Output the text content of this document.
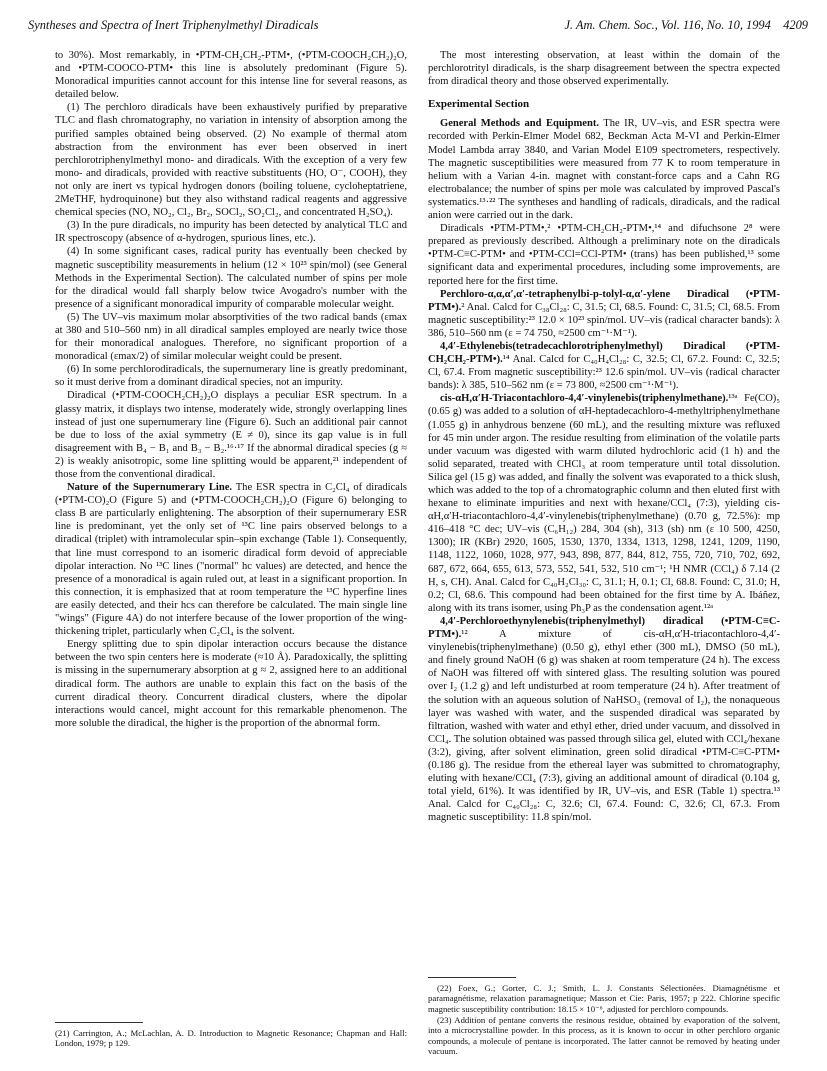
Syntheses and Spectra of Inert Triphenylmethyl Diradicals	J. Am. Chem. Soc., Vol. 116, No. 10, 1994 4209

to 30%). Most remarkably, in •PTM-CH₂CH₂-PTM•, (•PTM-COOCH₂CH₂)₂O, and •PTM-COOCO-PTM• this line is absolutely predominant (Figure 5). Monoradical impurities cannot account for this intense line for several reasons, as detailed below.

(1) The perchloro diradicals have been exhaustively purified by preparative TLC and flash chromatography, no variation in intensity of absorption among the purified samples obtained being observed. (2) No example of thermal atom abstraction from the environment has ever been observed in inert perchlorotriphenylmethyl mono- and diradicals. With the exception of a very few mono- and diradicals, provided with reactive substituents (HO, O⁻, COOH), they not only are inert vs typical hydrogen donors (boiling toluene, cycloheptatriene, 2MeTHF, hydroquinone) but they also withstand radical reagents and aggressive chemical species (NO, NO₂, Cl₂, Br₂, SOCl₂, SO₂Cl₂, and concentrated H₂SO₄).

(3) In the pure diradicals, no impurity has been detected by analytical TLC and IR spectroscopy (absence of α-hydrogen, spurious lines, etc.).

(4) In some significant cases, radical purity has eventually been checked by magnetic susceptibility measurements in helium (12 × 10²³ spin/mol) (see General Methods in the Experimental Section). The calculated number of spins per mole for the diradical would fall sharply below twice Avogadro's number with the presence of a significant monoradical impurity of comparable molecular weight.

(5) The UV–vis maximum molar absorptivities of the two radical bands (εmax at 380 and 510–560 nm) in all diradical samples employed are nearly twice those for their monoradical analogues. Therefore, no significant proportion of a monoradical (εmax/2) of similar molecular weight could be present.

(6) In some perchlorodiradicals, the supernumerary line is greatly predominant, so it must derive from a dominant diradical species, not an impurity.

Diradical (•PTM-COOCH₂CH₂)₂O displays a peculiar ESR spectrum. In a glassy matrix, it displays two intense, moderately wide, strongly overlapping lines instead of just one supernumerary line (Figure 6). Such an additional pair cannot be due to loss of the axial symmetry (E ≠ 0), since its gap value is in full disagreement with B₄ − B₁ and B₃ − B₂.¹⁶·¹⁷ If the abnormal diradical species (g ≈ 2) is weakly anisotropic, some line splitting would be apparent,²¹ independent of those from the conventional diradical.

Nature of the Supernumerary Line. The ESR spectra in C₂Cl₄ of diradicals (•PTM-CO)₂O (Figure 5) and (•PTM-COOCH₂CH₂)₂O (Figure 6) belonging to class B are particularly enlightening. The absorption of their supernumerary ESR line is predominant, yet the only set of ¹³C line pairs observed belongs to a diradical (triplet) with intramolecular spin–spin exchange (Table 1). Consequently, that line must correspond to an isomeric diradical form devoid of appreciable dipolar interaction. No ¹³C lines ("normal" hc values) are detected, and hence the presence of a monoradical is again ruled out, at least in a significant proportion. In this connection, it is emphasized that at room temperature the ¹³C hyperfine lines are easily detected, and their hcs can therefore be calculated. The main single line "wings" (Figure 4A) do not interfere because of the lower proportion of the wing-thickening triplet, particularly when C₂Cl₄ is the solvent.

Energy splitting due to spin dipolar interaction occurs because the distance between the two spin centers here is moderate (≈10 Å). Paradoxically, the splitting is missing in the supernumerary absorption at g ≈ 2, assigned here to an additional diradical form. The authors are unable to explain this fact on the basis of the current diradical theory. Concurrent diradical clusters, where the dipolar interactions would cancel, might account for this remarkable phenomenon. The more soluble the diradical, the higher is the proportion of the abnormal form.

(21) Carrington, A.; McLachlan, A. D. Introduction to Magnetic Resonance; Chapman and Hall: London, 1979; p 129.

The most interesting observation, at least within the domain of the perchlorotrityl diradicals, is the sharp disagreement between the spectra expected from diradical theory and those observed experimentally.

Experimental Section

General Methods and Equipment. The IR, UV–vis, and ESR spectra were recorded with Perkin-Elmer Model 682, Beckman Acta M-VI and Perkin-Elmer Model Lambda array 3840, and Varian Model E109 spectrometers, respectively. The magnetic susceptibilities were measured from 77 K to room temperature in helium with a Varian 4-in. magnet with constant-force caps and a Cahn RG electrobalance; the number of spins per mole was calculated by improved Pascal's systematics.¹³·²² The syntheses and handling of radicals, diradicals, and the radical anion were carried out in the dark.

Diradicals •PTM-PTM•,² •PTM-CH₂CH₂-PTM•,¹⁴ and difuchsone 2⁸ were prepared as previously described. Although a preliminary note on the diradicals •PTM-C≡C-PTM• and •PTM-CCl=CCl-PTM• (trans) has been published,¹³ some significant data and experimental procedures, including some improvements, are reported here for the first time.

Perchloro-α,α,α′,α′-tetraphenylbi-p-tolyl-α,α′-ylene Diradical (•PTM-PTM•).² Anal. Calcd for C₃₈Cl₂₈: C, 31.5; Cl, 68.5. Found: C, 31.5; Cl, 68.5. From magnetic susceptibility:²³ 12.0 × 10²³ spin/mol. UV–vis (radical character bands): λ 386, 510–560 nm (ε = 74 750, ≈2500 cm⁻¹·M⁻¹).

4,4′-Ethylenebis(tetradecachlorotriphenylmethyl) Diradical (•PTM-CH₂CH₂-PTM•).¹⁴ Anal. Calcd for C₄₀H₄Cl₂₈: C, 32.5; Cl, 67.2. Found: C, 32.5; Cl, 67.4. From magnetic susceptibility:²³ 12.6 spin/mol. UV–vis (radical character bands): λ 385, 510–562 nm (ε = 73 800, ≈2500 cm⁻¹·M⁻¹).

cis-αH,α′H-Triacontachloro-4,4′-vinylenebis(triphenylmethane).¹³ᵃ Fe(CO)₅ (0.65 g) was added to a solution of αH-heptadecachloro-4-methyltriphenylmethane (1.055 g) in anhydrous benzene (60 mL), and the resulting mixture was refluxed for 45 min under argon. The residue resulting from elimination of the volatile parts under vacuum was digested with warm diluted hydrochloric acid (1 h) and the solid separated, treated with CHCl₃ at room temperature until total dissolution. Silica gel (15 g) was added, and finally the solvent was evaporated to a thick slush, which was added to the top of a chromatographic column and then eluted first with hexane to eliminate impurities and next with hexane/CCl₄ (7:3), yielding cis-αH,α′H-triacontachloro-4,4′-vinylenebis(triphenylmethane) (0.70 g, 72.5%): mp 416–418 °C dec; UV–vis (C₆H₁₂) 284, 304 (sh), 313 (sh) nm (ε 10 500, 4250, 1300); IR (KBr) 2920, 1605, 1530, 1370, 1334, 1313, 1298, 1241, 1209, 1190, 1148, 1122, 1060, 1028, 977, 943, 898, 877, 844, 812, 755, 720, 710, 702, 692, 687, 672, 664, 655, 613, 573, 552, 541, 532, 510 cm⁻¹; ¹H NMR (CCl₄) δ 7.14 (2 H, s, CH). Anal. Calcd for C₄₀H₂Cl₃₀: C, 31.1; H, 0.1; Cl, 68.8. Found: C, 31.0; H, 0.2; Cl, 68.6. This compound had been obtained for the first time by A. Ibáñez, along with its trans isomer, using Ph₃P as the condensation agent.¹²ᵃ

4,4′-Perchloroethynylenebis(triphenylmethyl) diradical (•PTM-C≡C-PTM•).¹² A mixture of cis-αH,α′H-triacontachloro-4,4′-vinylenebis(triphenylmethane) (0.50 g), ethyl ether (300 mL), DMSO (50 mL), and finely ground NaOH (6 g) was shaken at room temperature (24 h). The excess of NaOH was filtered off with sintered glass. The resulting solution was poured over I₂ (1.2 g) and left undisturbed at room temperature (24 h). After treatment of the solution with an aqueous solution of NaHSO₃ (removal of I₂), the nonaqueous layer was washed with water, and the suspended diradical was separated by filtration, washed with water and ethyl ether, dried under vacuum, and dissolved in CCl₄. The solution obtained was passed through silica gel, eluted with CCl₄/hexane (3:2), giving, after solvent elimination, green solid diradical •PTM-C≡C-PTM• (0.186 g). The residue from the ethereal layer was submitted to chromatography, eluting with hexane/CCl₄ (7:3), giving an additional amount of diradical (0.104 g, total yield, 61%). It was identified by IR, UV–vis, and ESR (Table 1) spectra.¹³ Anal. Calcd for C₄₀Cl₂₈: C, 32.6; Cl, 67.4. Found: C, 32.6; Cl, 67.3. From magnetic susceptibility: 11.8 spin/mol.

(22) Foex, G.; Gorter, C. J.; Smith, L. J. Constants Sélectionées. Diamagnétisme et paramagnétisme, relaxation paramagnetique; Masson et Cie: Paris, 1957; p 222. Chlorine specific magnetic susceptibility contribution: 18.15 × 10⁻⁶, adjusted for perchloro compounds.

(23) Addition of pentane converts the resinous residue, obtained by evaporation of the solvent, into a microcrystalline powder. In this process, as it is known to occur in other perchloro organic compounds, a molecule of pentane is incorporated. The latter cannot be removed by heating under vacuum.
